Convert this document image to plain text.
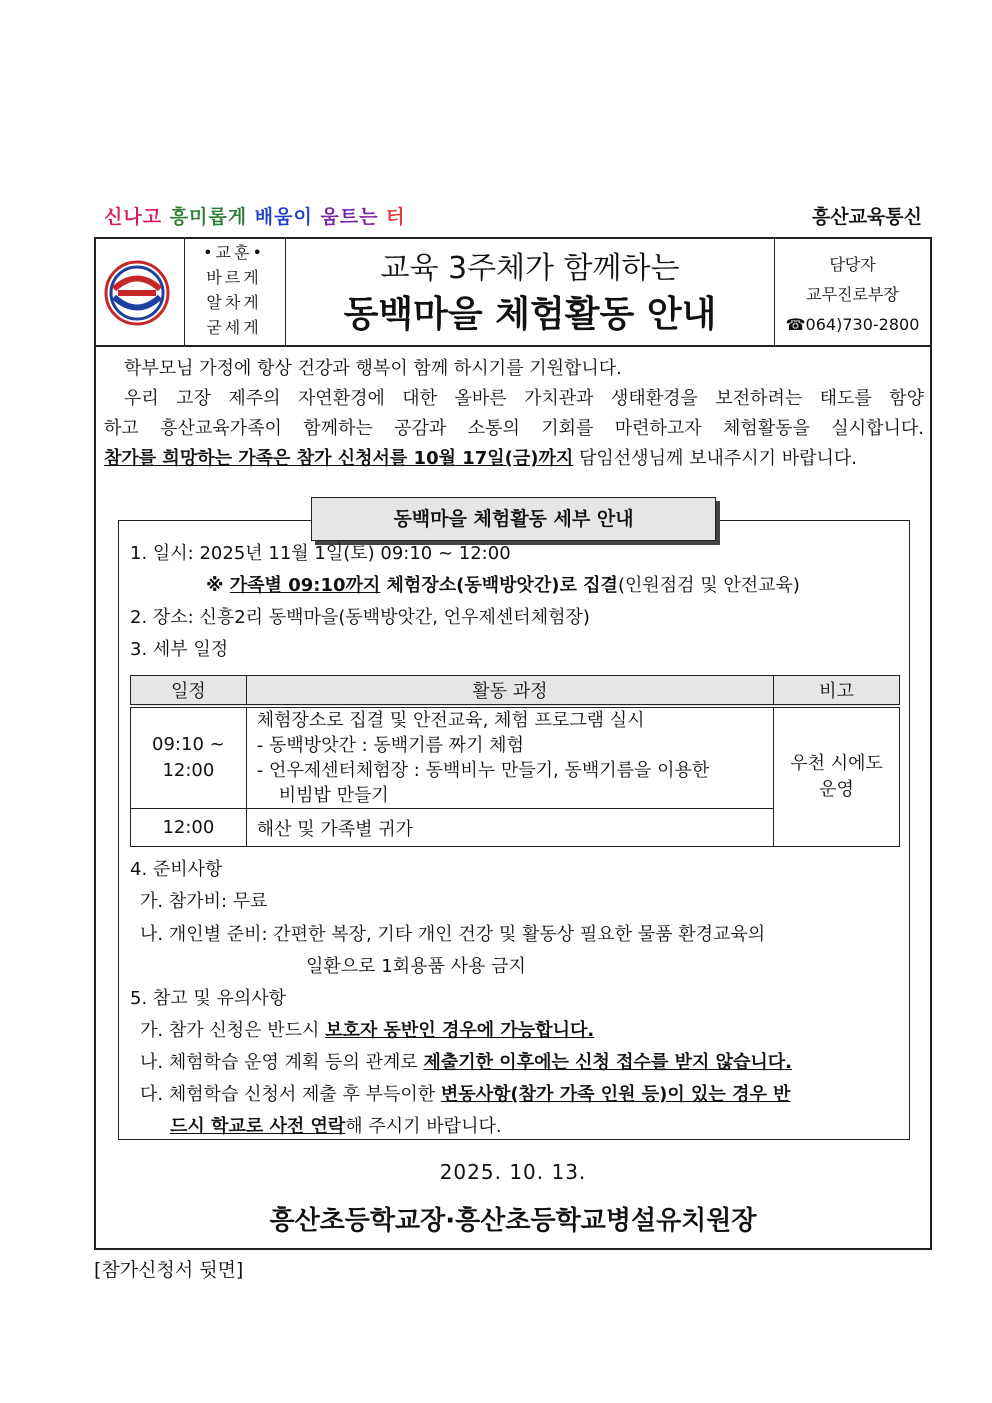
신나고 흥미롭게 배움이 움트는 터	흥산교육통신
•교훈•
바르게
알차게
굳세게
교육 3주체가 함께하는
동백마을 체험활동 안내
담당자
교무진로부장
☎064)730-2800

학부모님 가정에 항상 건강과 행복이 함께 하시기를 기원합니다.

우리 고장 제주의 자연환경에 대한 올바른 가치관과 생태환경을 보전하려는 태도를 함양

하고 흥산교육가족이 함께하는 공감과 소통의 기회를 마련하고자 체험활동을 실시합니다.

참가를 희망하는 가족은 참가 신청서를 10월 17일(금)까지 담임선생님께 보내주시기 바랍니다.

동백마을 체험활동 세부 안내
1. 일시: 2025년 11월 1일(토) 09:10 ~ 12:00
※ 가족별 09:10까지 체험장소(동백방앗간)로 집결(인원점검 및 안전교육)
2. 장소: 신흥2리 동백마을(동백방앗간, 언우제센터체험장)
3. 세부 일정
일정	활동 과정	비고

09:10 ~ 12:00	체험장소로 집결 및 안전교육, 체험 프로그램 실시
- 동백방앗간 : 동백기름 짜기 체험
- 언우제센터체험장 : 동백비누 만들기, 동백기름을 이용한
비빔밥 만들기	우천 시에도 운영

12:00	해산 및 가족별 귀가	
4. 준비사항
가. 참가비: 무료
나. 개인별 준비: 간편한 복장, 기타 개인 건강 및 활동상 필요한 물품 환경교육의
일환으로 1회용품 사용 금지
5. 참고 및 유의사항
가. 참가 신청은 반드시 보호자 동반인 경우에 가능합니다.
나. 체험학습 운영 계획 등의 관계로 제출기한 이후에는 신청 접수를 받지 않습니다.
다. 체험학습 신청서 제출 후 부득이한 변동사항(참가 가족 인원 등)이 있는 경우 반
드시 학교로 사전 연락해 주시기 바랍니다.
2025. 10. 13.
흥산초등학교장·흥산초등학교병설유치원장
[참가신청서 뒷면]
